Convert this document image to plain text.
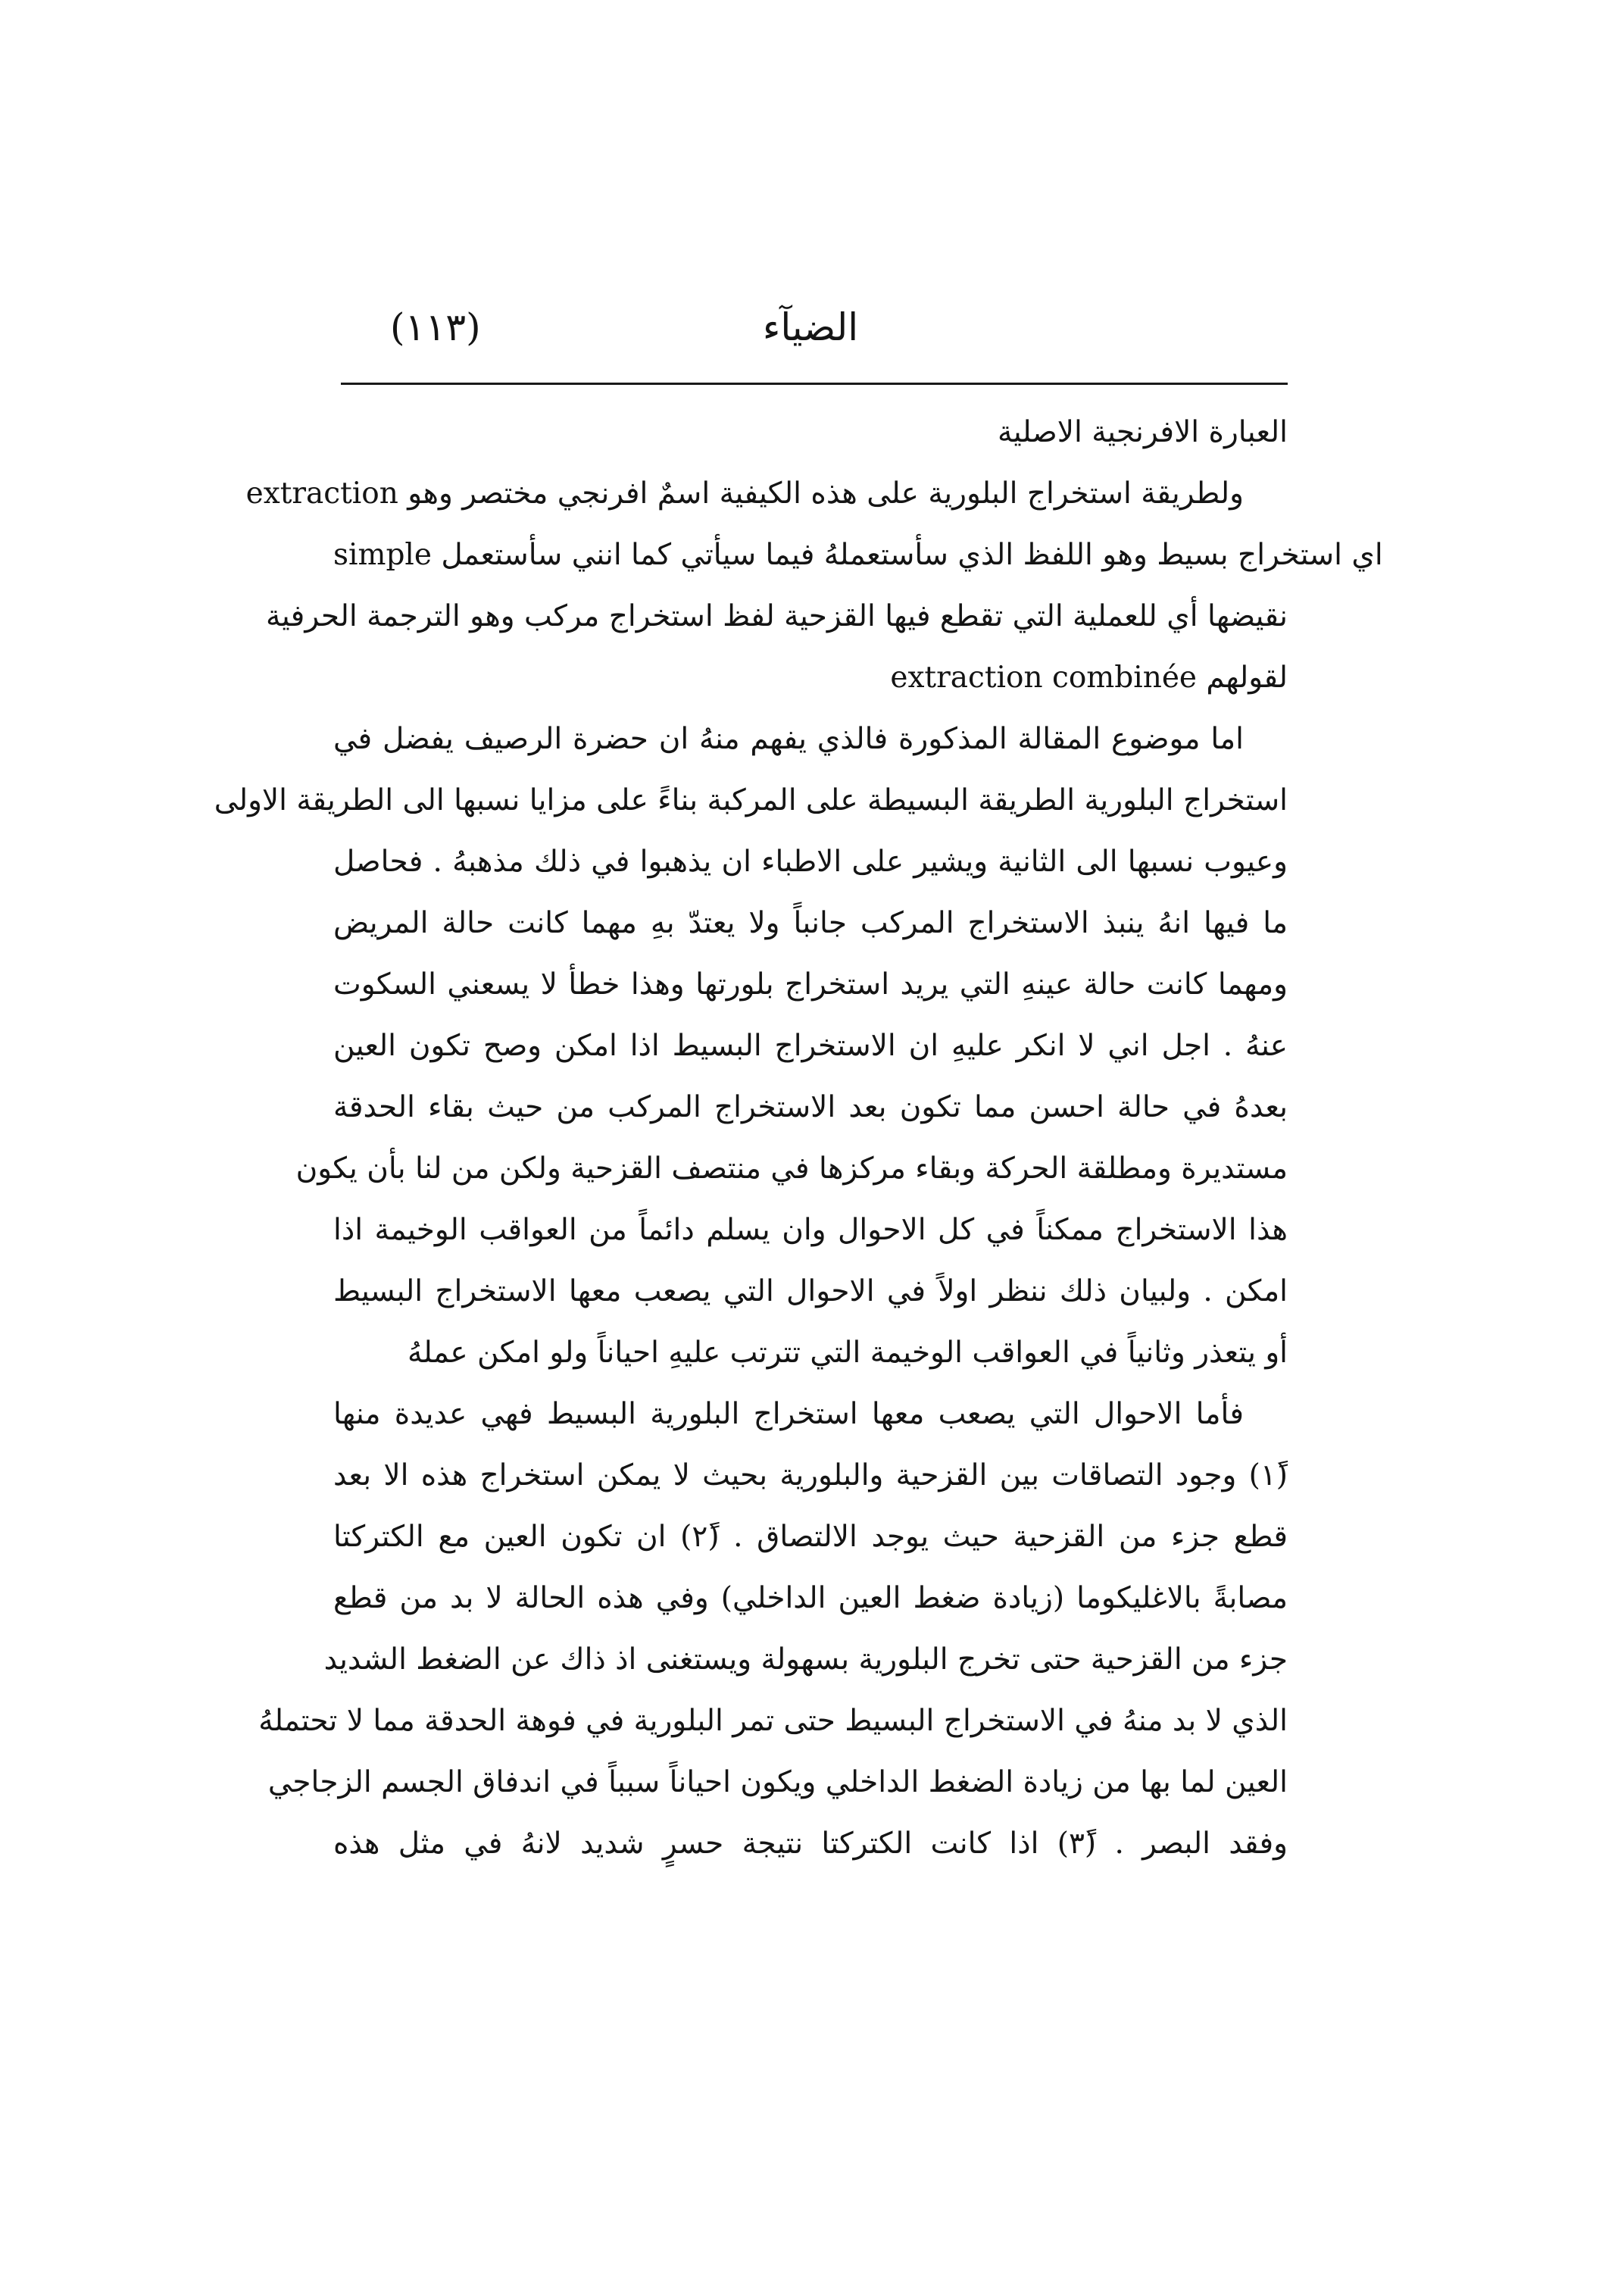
الضيآء
(١١٣)
العبارة الافرنجية الاصلية
ولطريقة استخراج البلورية على هذه الكيفية اسمٌ افرنجي مختصر وهو extraction
simple اي استخراج بسيط وهو اللفظ الذي سأستعملهُ فيما سيأتي كما انني سأستعمل
نقيضها أي للعملية التي تقطع فيها القزحية لفظ استخراج مركب وهو الترجمة الحرفية
لقولهم extraction combinée
اما موضوع المقالة المذكورة فالذي يفهم منهُ ان حضرة الرصيف يفضل في
استخراج البلورية الطريقة البسيطة على المركبة بناءً على مزايا نسبها الى الطريقة الاولى
وعيوب نسبها الى الثانية ويشير على الاطباء ان يذهبوا في ذلك مذهبهُ . فحاصل
ما فيها انهُ ينبذ الاستخراج المركب جانباً ولا يعتدّ بهِ مهما كانت حالة المريض
ومهما كانت حالة عينهِ التي يريد استخراج بلورتها وهذا خطأ لا يسعني السكوت
عنهُ . اجل اني لا انكر عليهِ ان الاستخراج البسيط اذا امكن وصح تكون العين
بعدهُ في حالة احسن مما تكون بعد الاستخراج المركب من حيث بقاء الحدقة
مستديرة ومطلقة الحركة وبقاء مركزها في منتصف القزحية ولكن من لنا بأن يكون
هذا الاستخراج ممكناً في كل الاحوال وان يسلم دائماً من العواقب الوخيمة اذا
امكن . ولبيان ذلك ننظر اولاً في الاحوال التي يصعب معها الاستخراج البسيط
أو يتعذر وثانياً في العواقب الوخيمة التي تترتب عليهِ احياناً ولو امكن عملهُ
فأما الاحوال التي يصعب معها استخراج البلورية البسيط فهي عديدة منها
(١ً) وجود التصاقات بين القزحية والبلورية بحيث لا يمكن استخراج هذه الا بعد
قطع جزء من القزحية حيث يوجد الالتصاق . (٢ً) ان تكون العين مع الكتركتا
مصابةً بالاغليكوما (زيادة ضغط العين الداخلي) وفي هذه الحالة لا بد من قطع
جزء من القزحية حتى تخرج البلورية بسهولة ويستغنى اذ ذاك عن الضغط الشديد
الذي لا بد منهُ في الاستخراج البسيط حتى تمر البلورية في فوهة الحدقة مما لا تحتملهُ
العين لما بها من زيادة الضغط الداخلي ويكون احياناً سبباً في اندفاق الجسم الزجاجي
وفقد البصر . (٣ً) اذا كانت الكتركتا نتيجة حسرٍ شديد لانهُ في مثل هذه
